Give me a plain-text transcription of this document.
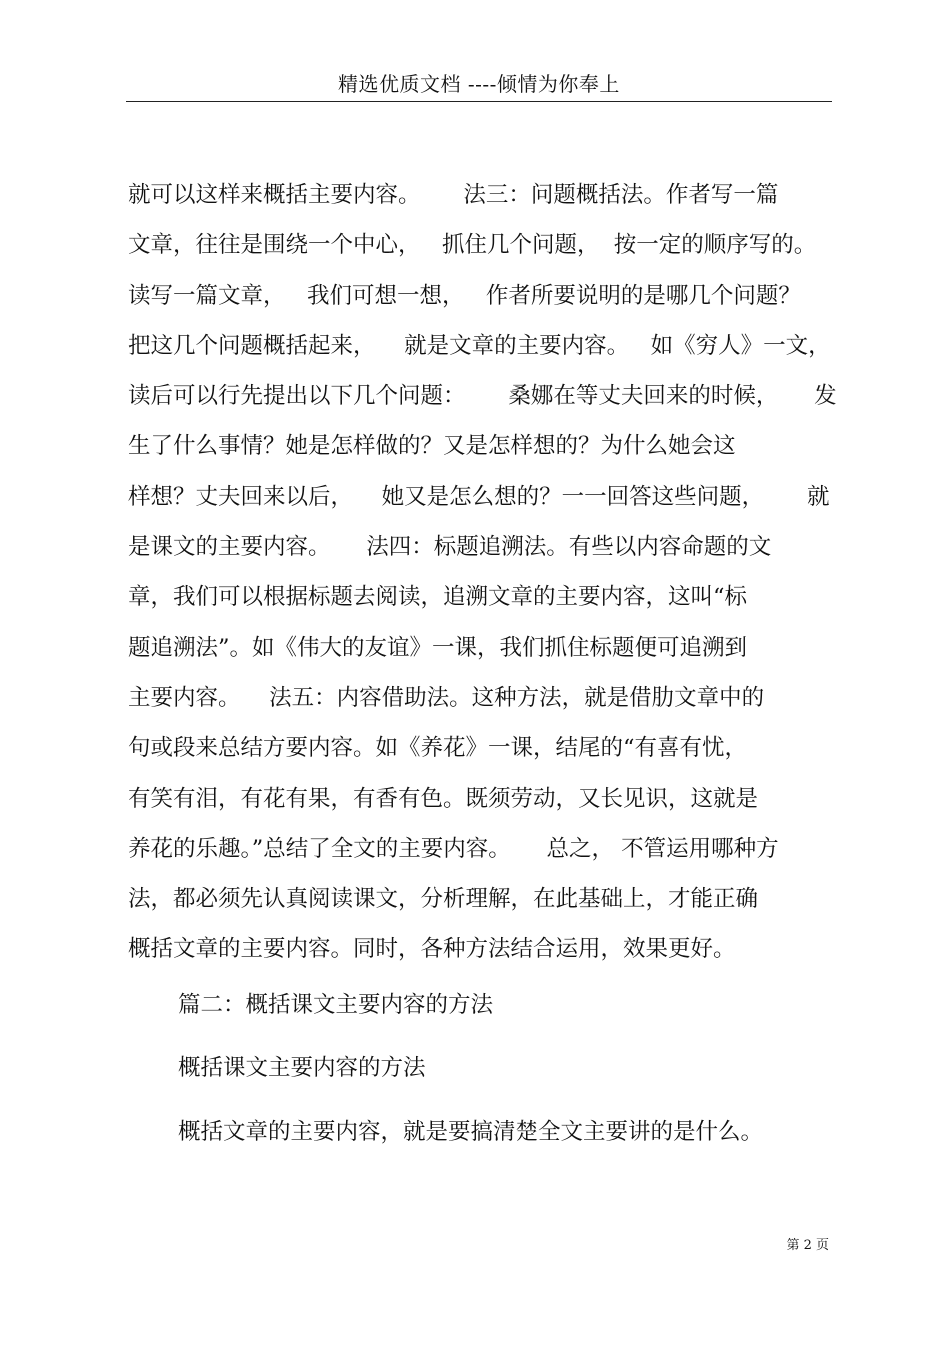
精选优质文档 ----倾情为你奉上
就可以这样来概括主要内容。      法三：问题概括法。作者写一篇
文章，往往是围绕一个中心，   抓住几个问题，  按一定的顺序写的。
读写一篇文章，   我们可想一想，   作者所要说明的是哪几个问题？
把这几个问题概括起来，    就是文章的主要内容。   如《穷人》一文，
读后可以行先提出以下几个问题：      桑娜在等丈夫回来的时候，     发
生了什么事情？她是怎样做的？又是怎样想的？为什么她会这
样想？丈夫回来以后，    她又是怎么想的？一一回答这些问题，      就
是课文的主要内容。     法四：标题追溯法。有些以内容命题的文
章，我们可以根据标题去阅读，追溯文章的主要内容，这叫“标
题追溯法”。如《伟大的友谊》一课，我们抓住标题便可追溯到
主要内容。    法五：内容借助法。这种方法，就是借肋文章中的
句或段来总结方要内容。如《养花》一课，结尾的“有喜有忧，
有笑有泪，有花有果，有香有色。既须劳动，又长见识，这就是
养花的乐趣。”总结了全文的主要内容。     总之， 不管运用哪种方
法，都必须先认真阅读课文，分析理解，在此基础上，才能正确
概括文章的主要内容。同时，各种方法结合运用，效果更好。
篇二：概括课文主要内容的方法
概括课文主要内容的方法
概括文章的主要内容，就是要搞清楚全文主要讲的是什么。
第 2 页
